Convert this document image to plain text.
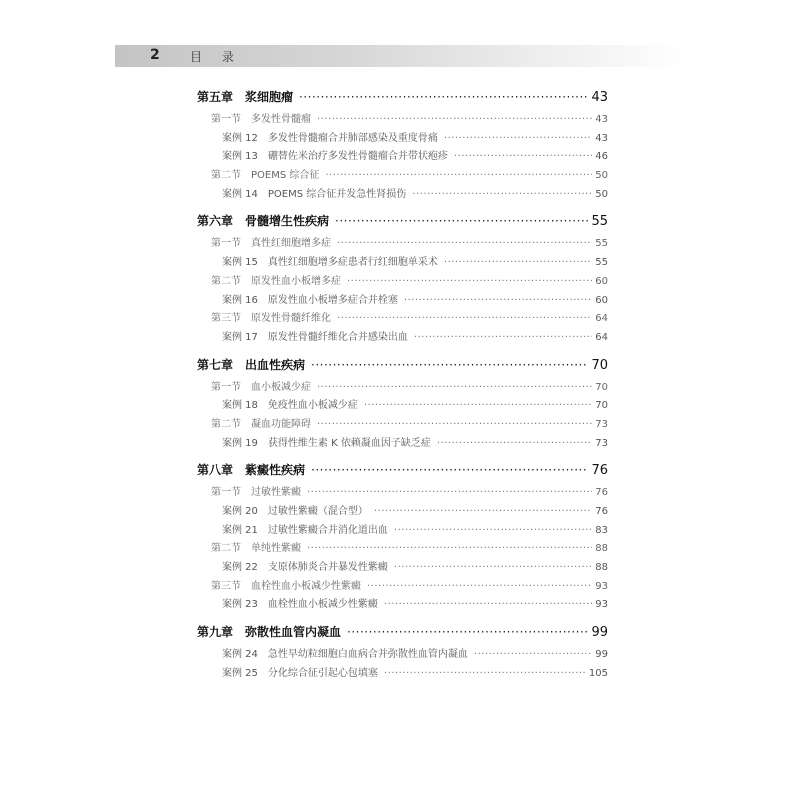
2	目 录
第五章　浆细胞瘤 ·····	43
第一节　多发性骨髓瘤 ·····	43
案例 12　多发性骨髓瘤合并肺部感染及重度骨痛 ·····	43
案例 13　硼替佐米治疗多发性骨髓瘤合并带状疱疹 ·····	46
第二节　POEMS 综合征 ·····	50
案例 14　POEMS 综合征并发急性肾损伤 ·····	50
第六章　骨髓增生性疾病 ·····	55
第一节　真性红细胞增多症 ·····	55
案例 15　真性红细胞增多症患者行红细胞单采术 ·····	55
第二节　原发性血小板增多症 ·····	60
案例 16　原发性血小板增多症合并栓塞 ·····	60
第三节　原发性骨髓纤维化 ·····	64
案例 17　原发性骨髓纤维化合并感染出血 ·····	64
第七章　出血性疾病 ·····	70
第一节　血小板减少症 ·····	70
案例 18　免疫性血小板减少症 ·····	70
第二节　凝血功能障碍 ·····	73
案例 19　获得性维生素 K 依赖凝血因子缺乏症 ·····	73
第八章　紫癜性疾病 ·····	76
第一节　过敏性紫癜 ·····	76
案例 20　过敏性紫癜（混合型） ·····	76
案例 21　过敏性紫癜合并消化道出血 ·····	83
第二节　单纯性紫癜 ·····	88
案例 22　支原体肺炎合并暴发性紫癜 ·····	88
第三节　血栓性血小板减少性紫癜 ·····	93
案例 23　血栓性血小板减少性紫癜 ·····	93
第九章　弥散性血管内凝血 ·····	99
案例 24　急性早幼粒细胞白血病合并弥散性血管内凝血 ·····	99
案例 25　分化综合征引起心包填塞 ·····	105
